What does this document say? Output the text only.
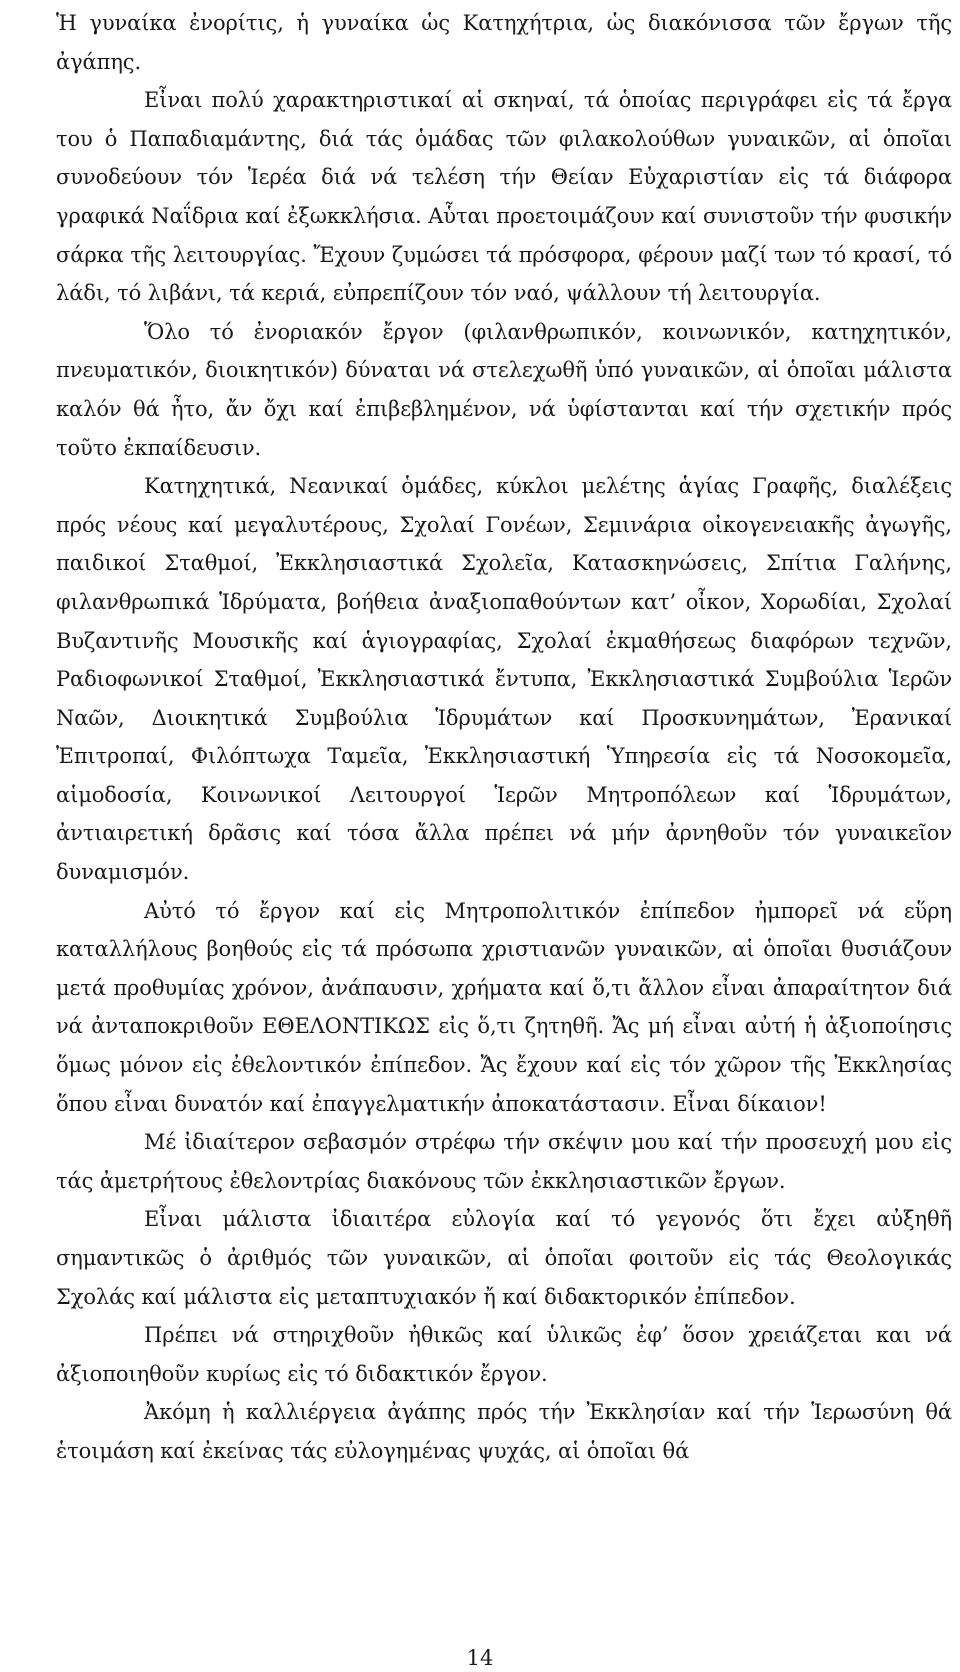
Ἡ γυναίκα ἐνορίτις, ἡ γυναίκα ὡς Κατηχήτρια, ὡς διακόνισσα τῶν ἔργων τῆς ἀγάπης.

Εἶναι πολύ χαρακτηριστικαί αἱ σκηναί, τά ὁποίας περιγράφει εἰς τά ἔργα του ὁ Παπαδιαμάντης, διά τάς ὁμάδας τῶν φιλακολούθων γυναικῶν, αἱ ὁποῖαι συνοδεύουν τόν Ἱερέα διά νά τελέση τήν Θείαν Εὐχαριστίαν εἰς τά διάφορα γραφικά Ναΐδρια καί ἐξωκκλήσια. Αὗται προετοιμάζουν καί συνιστοῦν τήν φυσικήν σάρκα τῆς λειτουργίας. Ἔχουν ζυμώσει τά πρόσφορα, φέρουν μαζί των τό κρασί, τό λάδι, τό λιβάνι, τά κεριά, εὐπρεπίζουν τόν ναό, ψάλλουν τή λειτουργία.

Ὅλο τό ἐνοριακόν ἔργον (φιλανθρωπικόν, κοινωνικόν, κατηχητικόν, πνευματικόν, διοικητικόν) δύναται νά στελεχωθῆ ὑπό γυναικῶν, αἱ ὁποῖαι μάλιστα καλόν θά ἦτο, ἄν ὄχι καί ἐπιβεβλημένον, νά ὑφίστανται καί τήν σχετικήν πρός τοῦτο ἐκπαίδευσιν.

Κατηχητικά, Νεανικαί ὁμάδες, κύκλοι μελέτης ἁγίας Γραφῆς, διαλέξεις πρός νέους καί μεγαλυτέρους, Σχολαί Γονέων, Σεμινάρια οἰκογενειακῆς ἀγωγῆς, παιδικοί Σταθμοί, Ἐκκλησιαστικά Σχολεῖα, Κατασκηνώσεις, Σπίτια Γαλήνης, φιλανθρωπικά Ἱδρύματα, βοήθεια ἀναξιοπαθούντων κατ’ οἶκον, Χορωδίαι, Σχολαί Βυζαντινῆς Μουσικῆς καί ἁγιογραφίας, Σχολαί ἐκμαθήσεως διαφόρων τεχνῶν, Ραδιοφωνικοί Σταθμοί, Ἐκκλησιαστικά ἔντυπα, Ἐκκλησιαστικά Συμβούλια Ἱερῶν Ναῶν, Διοικητικά Συμβούλια Ἱδρυμάτων καί Προσκυνημάτων, Ἐρανικαί Ἐπιτροπαί, Φιλόπτωχα Ταμεῖα, Ἐκκλησιαστική Ὑπηρεσία εἰς τά Νοσοκομεῖα, αἱμοδοσία, Κοινωνικοί Λειτουργοί Ἱερῶν Μητροπόλεων καί Ἱδρυμάτων, ἀντιαιρετική δρᾶσις καί τόσα ἄλλα πρέπει νά μήν ἀρνηθοῦν τόν γυναικεῖον δυναμισμόν.

Αὐτό τό ἔργον καί εἰς Μητροπολιτικόν ἐπίπεδον ἠμπορεῖ νά εὕρη καταλλήλους βοηθούς εἰς τά πρόσωπα χριστιανῶν γυναικῶν, αἱ ὁποῖαι θυσιάζουν μετά προθυμίας χρόνον, ἀνάπαυσιν, χρήματα καί ὅ,τι ἄλλον εἶναι ἀπαραίτητον διά νά ἀνταποκριθοῦν ΕΘΕΛΟΝΤΙΚΩΣ εἰς ὅ,τι ζητηθῆ. Ἄς μή εἶναι αὐτή ἡ ἀξιοποίησις ὅμως μόνον εἰς ἐθελοντικόν ἐπίπεδον. Ἄς ἔχουν καί εἰς τόν χῶρον τῆς Ἐκκλησίας ὅπου εἶναι δυνατόν καί ἐπαγγελματικήν ἀποκατάστασιν. Εἶναι δίκαιον!

Μέ ἰδιαίτερον σεβασμόν στρέφω τήν σκέψιν μου καί τήν προσευχή μου εἰς τάς ἀμετρήτους ἐθελοντρίας διακόνους τῶν ἐκκλησιαστικῶν ἔργων.

Εἶναι μάλιστα ἰδιαιτέρα εὐλογία καί τό γεγονός ὅτι ἔχει αὐξηθῆ σημαντικῶς ὁ ἀριθμός τῶν γυναικῶν, αἱ ὁποῖαι φοιτοῦν εἰς τάς Θεολογικάς Σχολάς καί μάλιστα εἰς μεταπτυχιακόν ἤ καί διδακτορικόν ἐπίπεδον.

Πρέπει νά στηριχθοῦν ἠθικῶς καί ὑλικῶς ἐφ’ ὅσον χρειάζεται και νά ἀξιοποιηθοῦν κυρίως εἰς τό διδακτικόν ἔργον.

Ἀκόμη ἡ καλλιέργεια ἀγάπης πρός τήν Ἐκκλησίαν καί τήν Ἱερωσύνη θά ἑτοιμάση καί ἐκείνας τάς εὐλογημένας ψυχάς, αἱ ὁποῖαι θά

14
